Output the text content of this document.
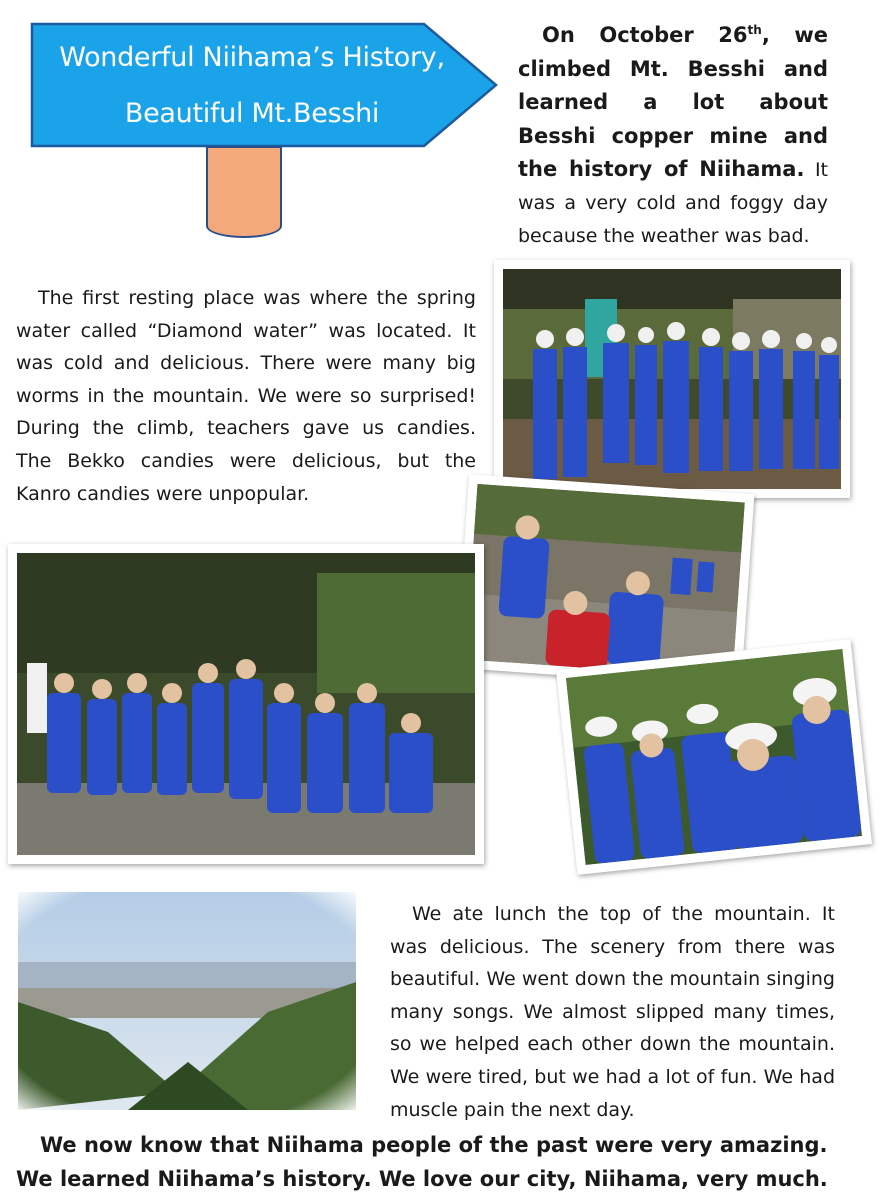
Wonderful Niihama’s History,
Beautiful Mt.Besshi
On October 26th, we climbed Mt. Besshi and learned a lot about Besshi copper mine and the history of Niihama. It was a very cold and foggy day because the weather was bad.
The first resting place was where the spring water called “Diamond water” was located. It was cold and delicious. There were many big worms in the mountain. We were so surprised! During the climb, teachers gave us candies. The Bekko candies were delicious, but the Kanro candies were unpopular.
We ate lunch the top of the mountain. It was delicious. The scenery from there was beautiful. We went down the mountain singing many songs. We almost slipped many times, so we helped each other down the mountain. We were tired, but we had a lot of fun. We had muscle pain the next day.
We now know that Niihama people of the past were very amazing. We learned Niihama’s history. We love our city, Niihama, very much.
